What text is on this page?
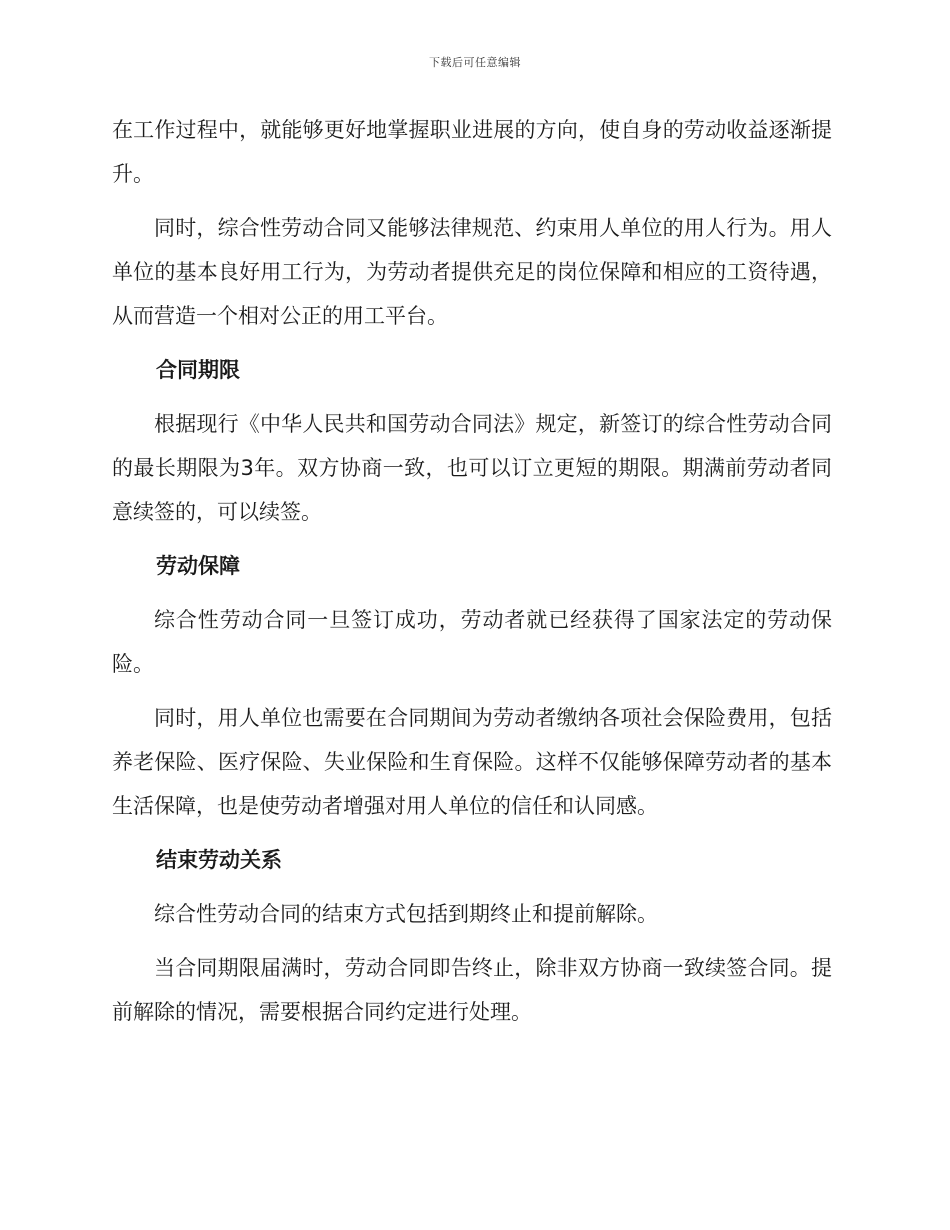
下载后可任意编辑

在工作过程中，就能够更好地掌握职业进展的方向，使自身的劳动收益逐渐提升。

同时，综合性劳动合同又能够法律规范、约束用人单位的用人行为。用人单位的基本良好用工行为，为劳动者提供充足的岗位保障和相应的工资待遇，从而营造一个相对公正的用工平台。

合同期限

根据现行《中华人民共和国劳动合同法》规定，新签订的综合性劳动合同的最长期限为3年。双方协商一致，也可以订立更短的期限。期满前劳动者同意续签的，可以续签。

劳动保障

综合性劳动合同一旦签订成功，劳动者就已经获得了国家法定的劳动保险。

同时，用人单位也需要在合同期间为劳动者缴纳各项社会保险费用，包括养老保险、医疗保险、失业保险和生育保险。这样不仅能够保障劳动者的基本生活保障，也是使劳动者增强对用人单位的信任和认同感。

结束劳动关系

综合性劳动合同的结束方式包括到期终止和提前解除。

当合同期限届满时，劳动合同即告终止，除非双方协商一致续签合同。提前解除的情况，需要根据合同约定进行处理。
